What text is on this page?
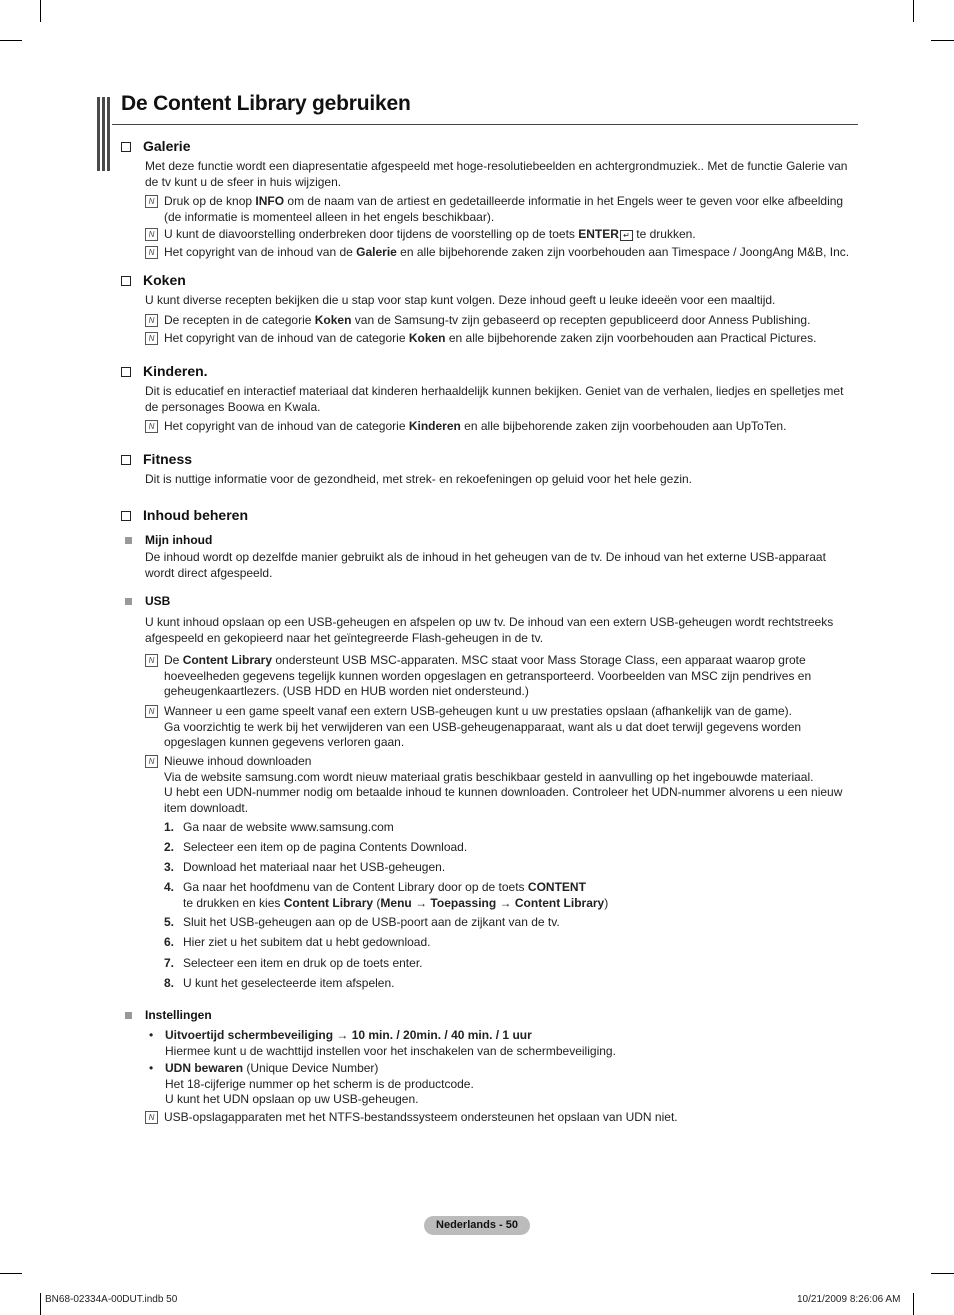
De Content Library gebruiken
Galerie
Met deze functie wordt een diapresentatie afgespeeld met hoge-resolutiebeelden en achtergrondmuziek.. Met de functie Galerie van de tv kunt u de sfeer in huis wijzigen.
N Druk op de knop INFO om de naam van de artiest en gedetailleerde informatie in het Engels weer te geven voor elke afbeelding (de informatie is momenteel alleen in het engels beschikbaar).
N U kunt de diavoorstelling onderbreken door tijdens de voorstelling op de toets ENTER ↵ te drukken.
N Het copyright van de inhoud van de Galerie en alle bijbehorende zaken zijn voorbehouden aan Timespace / JoongAng M&B, Inc.
Koken
U kunt diverse recepten bekijken die u stap voor stap kunt volgen. Deze inhoud geeft u leuke ideeën voor een maaltijd.
N De recepten in de categorie Koken van de Samsung-tv zijn gebaseerd op recepten gepubliceerd door Anness Publishing.
N Het copyright van de inhoud van de categorie Koken en alle bijbehorende zaken zijn voorbehouden aan Practical Pictures.
Kinderen.
Dit is educatief en interactief materiaal dat kinderen herhaaldelijk kunnen bekijken. Geniet van de verhalen, liedjes en spelletjes met de personages Boowa en Kwala.
N Het copyright van de inhoud van de categorie Kinderen en alle bijbehorende zaken zijn voorbehouden aan UpToTen.
Fitness
Dit is nuttige informatie voor de gezondheid, met strek- en rekoefeningen op geluid voor het hele gezin.
Inhoud beheren
Mijn inhoud
De inhoud wordt op dezelfde manier gebruikt als de inhoud in het geheugen van de tv. De inhoud van het externe USB-apparaat wordt direct afgespeeld.
USB
U kunt inhoud opslaan op een USB-geheugen en afspelen op uw tv. De inhoud van een extern USB-geheugen wordt rechtstreeks afgespeeld en gekopieerd naar het geïntegreerde Flash-geheugen in de tv.
N De Content Library ondersteunt USB MSC-apparaten. MSC staat voor Mass Storage Class, een apparaat waarop grote hoeveelheden gegevens tegelijk kunnen worden opgeslagen en getransporteerd. Voorbeelden van MSC zijn pendrives en geheugenkaartlezers. (USB HDD en HUB worden niet ondersteund.)
N Wanneer u een game speelt vanaf een extern USB-geheugen kunt u uw prestaties opslaan (afhankelijk van de game).
Ga voorzichtig te werk bij het verwijderen van een USB-geheugenapparaat, want als u dat doet terwijl gegevens worden opgeslagen kunnen gegevens verloren gaan.
N Nieuwe inhoud downloaden
Via de website samsung.com wordt nieuw materiaal gratis beschikbaar gesteld in aanvulling op het ingebouwde materiaal.
U hebt een UDN-nummer nodig om betaalde inhoud te kunnen downloaden. Controleer het UDN-nummer alvorens u een nieuw item downloadt.
1. Ga naar de website www.samsung.com
2. Selecteer een item op de pagina Contents Download.
3. Download het materiaal naar het USB-geheugen.
4. Ga naar het hoofdmenu van de Content Library door op de toets CONTENT
te drukken en kies Content Library (Menu → Toepassing → Content Library)
5. Sluit het USB-geheugen aan op de USB-poort aan de zijkant van de tv.
6. Hier ziet u het subitem dat u hebt gedownload.
7. Selecteer een item en druk op de toets enter.
8. U kunt het geselecteerde item afspelen.
Instellingen
• Uitvoertijd schermbeveiliging → 10 min. / 20min. / 40 min. / 1 uur
Hiermee kunt u de wachttijd instellen voor het inschakelen van de schermbeveiliging.
• UDN bewaren (Unique Device Number)
Het 18-cijferige nummer op het scherm is de productcode.
U kunt het UDN opslaan op uw USB-geheugen.
N USB-opslagapparaten met het NTFS-bestandssysteem ondersteunen het opslaan van UDN niet.
Nederlands - 50
BN68-02334A-00DUT.indb 50	10/21/2009 8:26:06 AM
